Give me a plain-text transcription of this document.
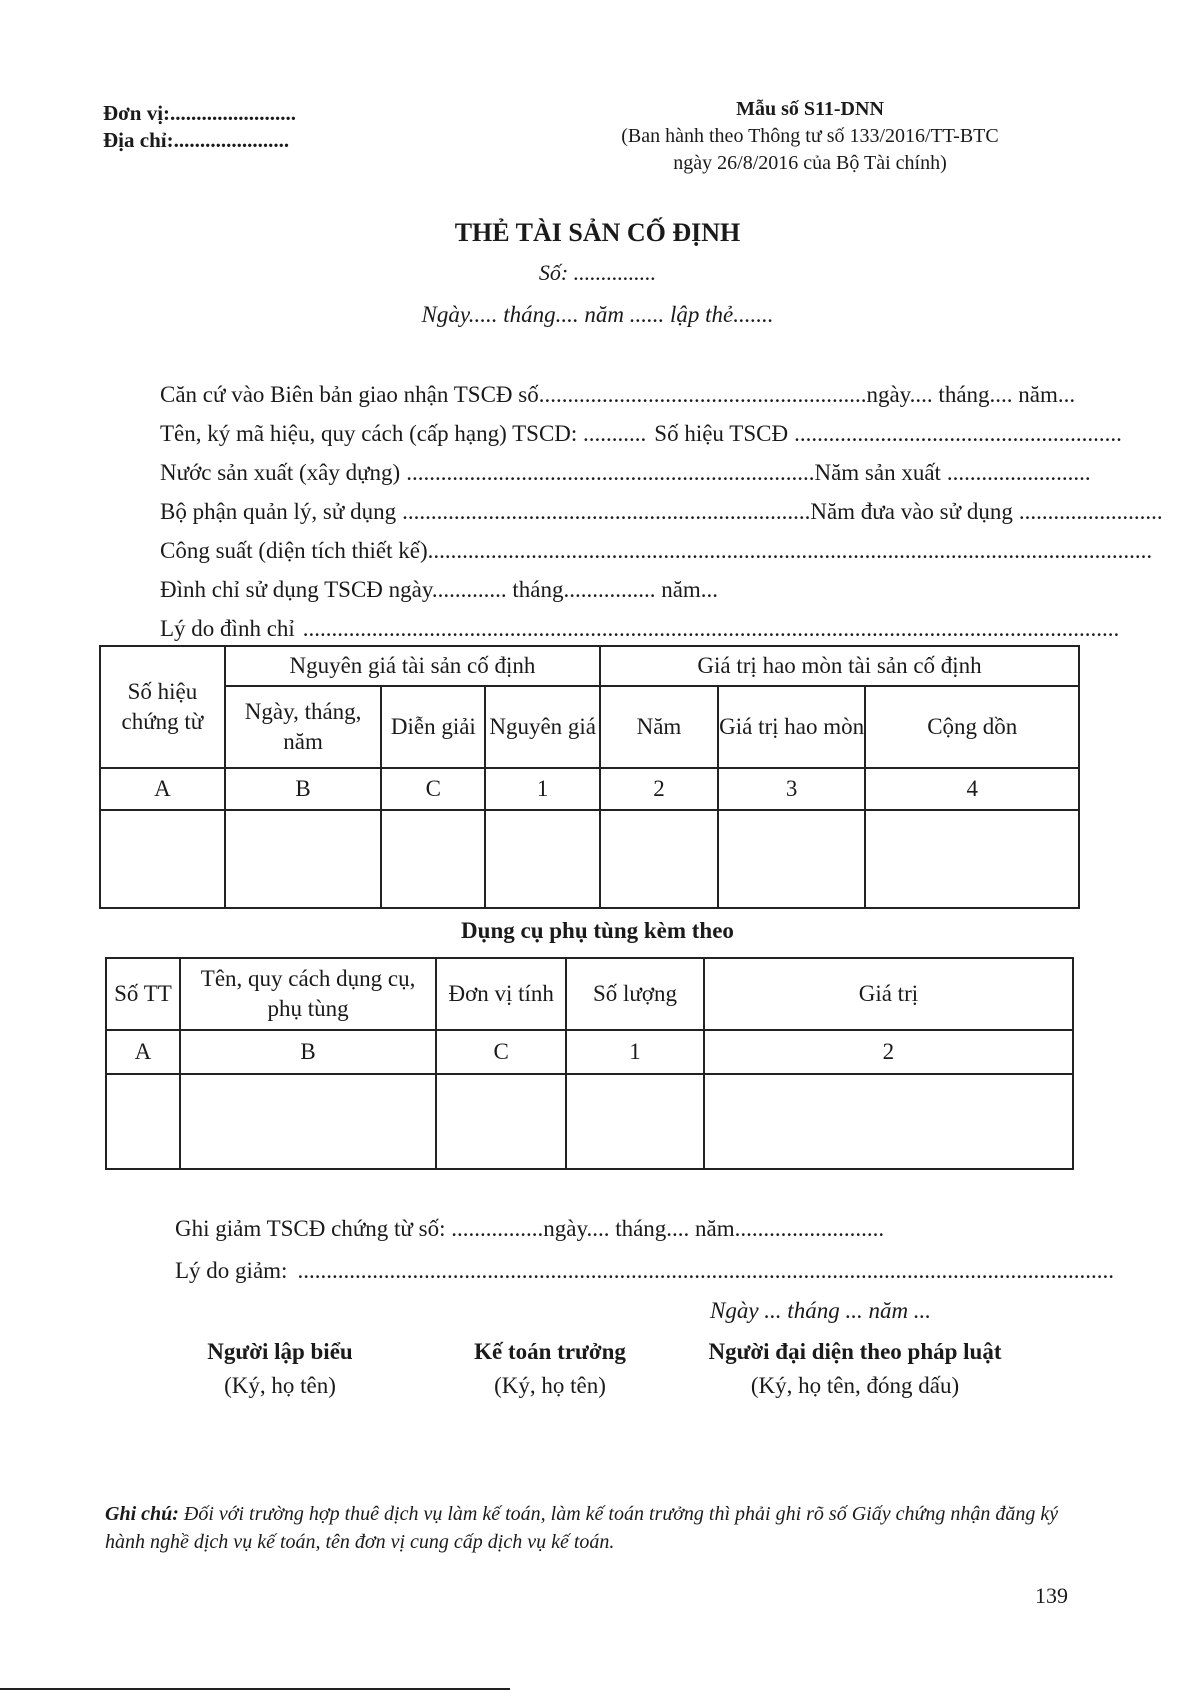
Đơn vị:........................
Địa chỉ:......................
Mẫu số S11-DNN
(Ban hành theo Thông tư số 133/2016/TT-BTC
ngày 26/8/2016 của Bộ Tài chính)
THẺ TÀI SẢN CỐ ĐỊNH
Số: ...............
Ngày..... tháng.... năm ...... lập thẻ.......
Căn cứ vào Biên bản giao nhận TSCĐ số ......................................................... ngày.... tháng.... năm...
Tên, ký mã hiệu, quy cách (cấp hạng) TSCD: ........... Số hiệu TSCĐ .........................................................
Nước sản xuất (xây dựng) ....................................................................... Năm sản xuất .........................
Bộ phận quản lý, sử dụng ....................................................................... Năm đưa vào sử dụng .........................
Công suất (diện tích thiết kế) ..............................................................................................................................
Đình chỉ sử dụng TSCĐ ngày............. tháng................ năm...
Lý do đình chỉ ..............................................................................................................................................
Số hiệu chứng từ	Nguyên giá tài sản cố định			Giá trị hao mòn tài sản cố định		
	Ngày, tháng, năm	Diễn giải	Nguyên giá	Năm	Giá trị hao mòn	Cộng dồn
A	B	C	1	2	3	4

Dụng cụ phụ tùng kèm theo
Số TT	Tên, quy cách dụng cụ, phụ tùng	Đơn vị tính	Số lượng	Giá trị
A	B	C	1	2

Ghi giảm TSCĐ chứng từ số: ................ngày.... tháng.... năm..........................
Lý do giảm: ..............................................................................................................................................
Ngày ... tháng ... năm ...
Người lập biểu
(Ký, họ tên)
Kế toán trưởng
(Ký, họ tên)
Người đại diện theo pháp luật
(Ký, họ tên, đóng dấu)
Ghi chú: Đối với trường hợp thuê dịch vụ làm kế toán, làm kế toán trưởng thì phải ghi rõ số Giấy chứng nhận đăng ký hành nghề dịch vụ kế toán, tên đơn vị cung cấp dịch vụ kế toán.
139
